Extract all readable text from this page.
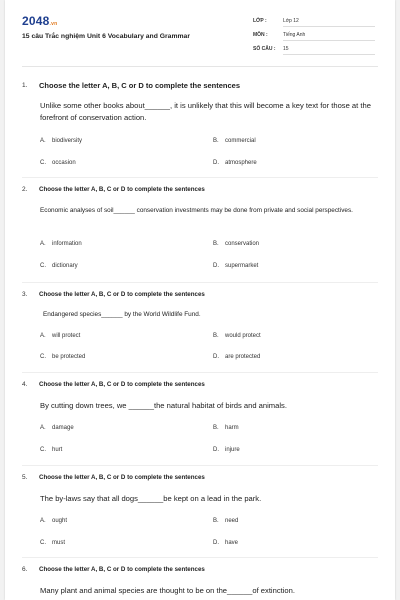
2048.vn
15 câu Trắc nghiệm Unit 6 Vocabulary and Grammar
LỚP :	Lớp 12
MÔN :	Tiếng Anh
SỐ CÂU : 15
1. Choose the letter A, B, C or D to complete the sentences
Unlike some other books about______, it is unlikely that this will become a key text for those at the forefront of conservation action.
A. biodiversity	B. commercial
C. occasion	D. atmosphere
2. Choose the letter A, B, C or D to complete the sentences
Economic analyses of soil______ conservation investments may be done from private and social perspectives.
A. information	B. conservation
C. dictionary	D. supermarket
3. Choose the letter A, B, C or D to complete the sentences
Endangered species______ by the World Wildlife Fund.
A. will protect	B. would protect
C. be protected	D. are protected
4. Choose the letter A, B, C or D to complete the sentences
By cutting down trees, we ______the natural habitat of birds and animals.
A. damage	B. harm
C. hurt	D. injure
5. Choose the letter A, B, C or D to complete the sentences
The by-laws say that all dogs______be kept on a lead in the park.
A. ought	B. need
C. must	D. have
6. Choose the letter A, B, C or D to complete the sentences
Many plant and animal species are thought to be on the______of extinction.
